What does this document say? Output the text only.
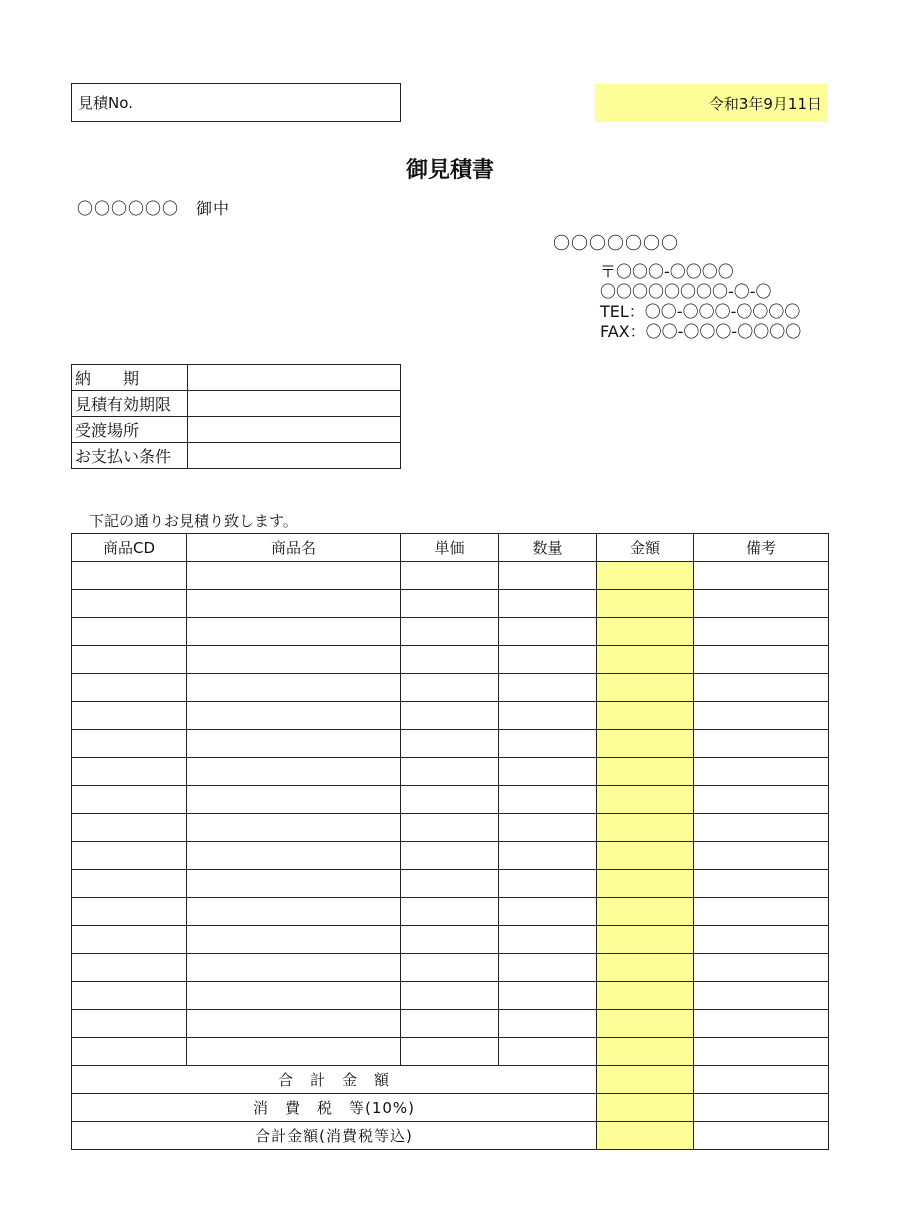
見積No.	令和3年9月11日
御見積書
〇〇〇〇〇〇　御中
〇〇〇〇〇〇〇
〒〇〇〇-〇〇〇〇
〇〇〇〇〇〇〇〇-〇-〇
TEL：〇〇-〇〇〇-〇〇〇〇
FAX：〇〇-〇〇〇-〇〇〇〇
納　　期	
見積有効期限	
受渡場所	
お支払い条件	
下記の通りお見積り致します。
商品CD	商品名	単価	数量	金額	備考

合　計　金　額					
消　費　税　等(10%)					
合計金額(消費税等込)					
